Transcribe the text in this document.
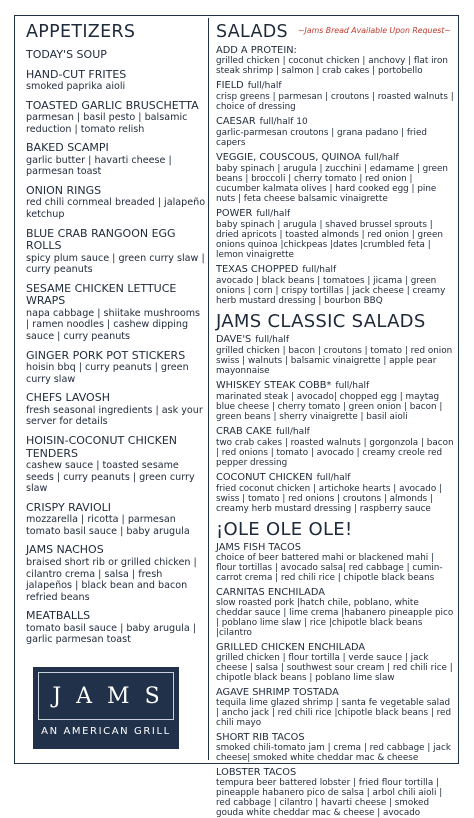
~Jams Bread Available Upon Request~
APPETIZERS
TODAY'S SOUP
HAND-CUT FRITES
smoked paprika aioli
TOASTED GARLIC BRUSCHETTA
parmesan | basil pesto | balsamic reduction | tomato relish
BAKED SCAMPI
garlic butter | havarti cheese | parmesan toast
ONION RINGS
red chili cornmeal breaded | jalapeño ketchup
BLUE CRAB RANGOON EGG ROLLS
spicy plum sauce | green curry slaw | curry peanuts
SESAME CHICKEN LETTUCE WRAPS
napa cabbage | shiitake mushrooms | ramen noodles | cashew dipping sauce | curry peanuts
GINGER PORK POT STICKERS
hoisin bbq | curry peanuts | green curry slaw
CHEFS LAVOSH
fresh seasonal ingredients | ask your server for details
HOISIN-COCONUT CHICKEN TENDERS
cashew sauce | toasted sesame seeds | curry peanuts | green curry slaw
CRISPY RAVIOLI
mozzarella | ricotta | parmesan tomato basil sauce | baby arugula
JAMS NACHOS
braised short rib or grilled chicken | cilantro crema | salsa | fresh jalapeños | black bean and bacon refried beans
MEATBALLS
tomato basil sauce | baby arugula | garlic parmesan toast
JAMS
AN AMERICAN GRILL
SALADS
ADD A PROTEIN:
grilled chicken | coconut chicken | anchovy | flat iron steak shrimp | salmon | crab cakes | portobello
FIELD full/half
crisp greens | parmesan | croutons | roasted walnuts | choice of dressing
CAESAR full/half 10
garlic-parmesan croutons | grana padano | fried capers
VEGGIE, COUSCOUS, QUINOA full/half
baby spinach | arugula | zucchini | edamame | green beans | broccoli | cherry tomato | red onion | cucumber kalmata olives | hard cooked egg | pine nuts | feta cheese balsamic vinaigrette
POWER full/half
baby spinach | arugula | shaved brussel sprouts | dried apricots | toasted almonds | red onion | green onions quinoa |chickpeas |dates |crumbled feta | lemon vinaigrette
TEXAS CHOPPED full/half
avocado | black beans | tomatoes | jicama | green onions | corn | crispy tortillas | jack cheese | creamy herb mustard dressing | bourbon BBQ
JAMS CLASSIC SALADS
DAVE'S full/half
grilled chicken | bacon | croutons | tomato | red onion swiss | walnuts | balsamic vinaigrette | apple pear mayonnaise
WHISKEY STEAK COBB* full/half
marinated steak | avocado| chopped egg | maytag blue cheese | cherry tomato | green onion | bacon | green beans | sherry vinaigrette | basil aioli
CRAB CAKE full/half
two crab cakes | roasted walnuts | gorgonzola | bacon | red onions | tomato | avocado | creamy creole red pepper dressing
COCONUT CHICKEN full/half
fried coconut chicken | artichoke hearts | avocado | swiss | tomato | red onions | croutons | almonds | creamy herb mustard dressing | raspberry sauce
¡OLE OLE OLE!
JAMS FISH TACOS
choice of beer battered mahi or blackened mahi | flour tortillas | avocado salsa| red cabbage | cumin-carrot crema | red chili rice | chipotle black beans
CARNITAS ENCHILADA
slow roasted pork |hatch chile, poblano, white cheddar sauce | lime crema |habanero pineapple pico | poblano lime slaw | rice |chipotle black beans |cilantro
GRILLED CHICKEN ENCHILADA
grilled chicken | flour tortilla | verde sauce | jack cheese | salsa | southwest sour cream | red chili rice | chipotle black beans | poblano lime slaw
AGAVE SHRIMP TOSTADA
tequila lime glazed shrimp | santa fe vegetable salad | ancho jack | red chili rice |chipotle black beans | red chili mayo
SHORT RIB TACOS
smoked chili-tomato jam | crema | red cabbage | jack cheese| smoked white cheddar mac & cheese
LOBSTER TACOS
tempura beer battered lobster | fried flour tortilla | pineapple habanero pico de salsa | arbol chili aioli | red cabbage | cilantro | havarti cheese | smoked gouda white cheddar mac & cheese | avocado
